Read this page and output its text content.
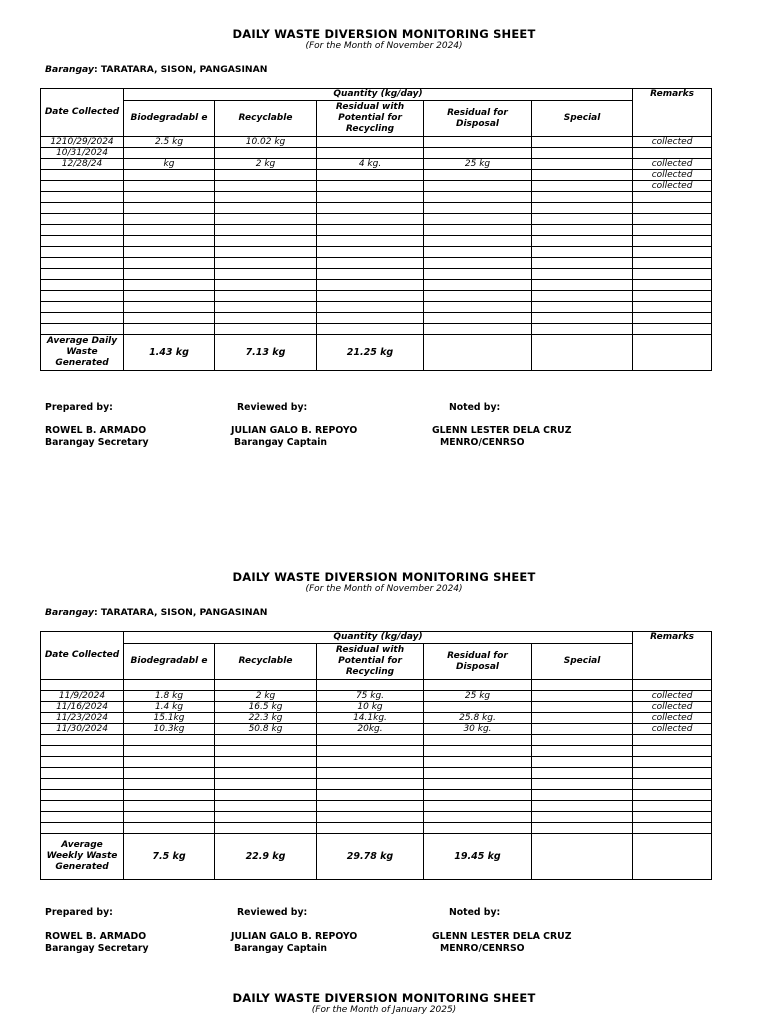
DAILY WASTE DIVERSION MONITORING SHEET
(For the Month of November 2024)
Barangay: TARATARA, SISON, PANGASINAN
Date Collected	Quantity (kg/day)					Remarks
	Biodegradabl e	Recyclable	Residual with Potential for Recycling	Residual for Disposal	Special	
1210/29/2024	2.5 kg	10.02 kg				collected
10/31/2024						
12/28/24	kg	2 kg	4 kg.	25 kg		collected
						collected
						collected

Average Daily Waste Generated	1.43 kg	7.13 kg	21.25 kg			
Prepared by:	Reviewed by:	Noted by:
ROWEL B. ARMADO
Barangay Secretary
JULIAN GALO B. REPOYO
Barangay Captain
GLENN LESTER DELA CRUZ
MENRO/CENRSO
DAILY WASTE DIVERSION MONITORING SHEET
(For the Month of November 2024)
Barangay: TARATARA, SISON, PANGASINAN
Date Collected	Quantity (kg/day)					Remarks
	Biodegradabl e	Recyclable	Residual with Potential for Recycling	Residual for Disposal	Special	

11/9/2024	1.8 kg	2 kg	75 kg.	25 kg		collected
11/16/2024	1.4 kg	16.5 kg	10 kg			collected
11/23/2024	15.1kg	22.3 kg	14.1kg.	25.8 kg.		collected
11/30/2024	10.3kg	50.8 kg	20kg.	30 kg.		collected

Average Weekly Waste Generated	7.5 kg	22.9 kg	29.78 kg	19.45 kg		
Prepared by:	Reviewed by:	Noted by:
ROWEL B. ARMADO
Barangay Secretary
JULIAN GALO B. REPOYO
Barangay Captain
GLENN LESTER DELA CRUZ
MENRO/CENRSO
DAILY WASTE DIVERSION MONITORING SHEET
(For the Month of January 2025)
